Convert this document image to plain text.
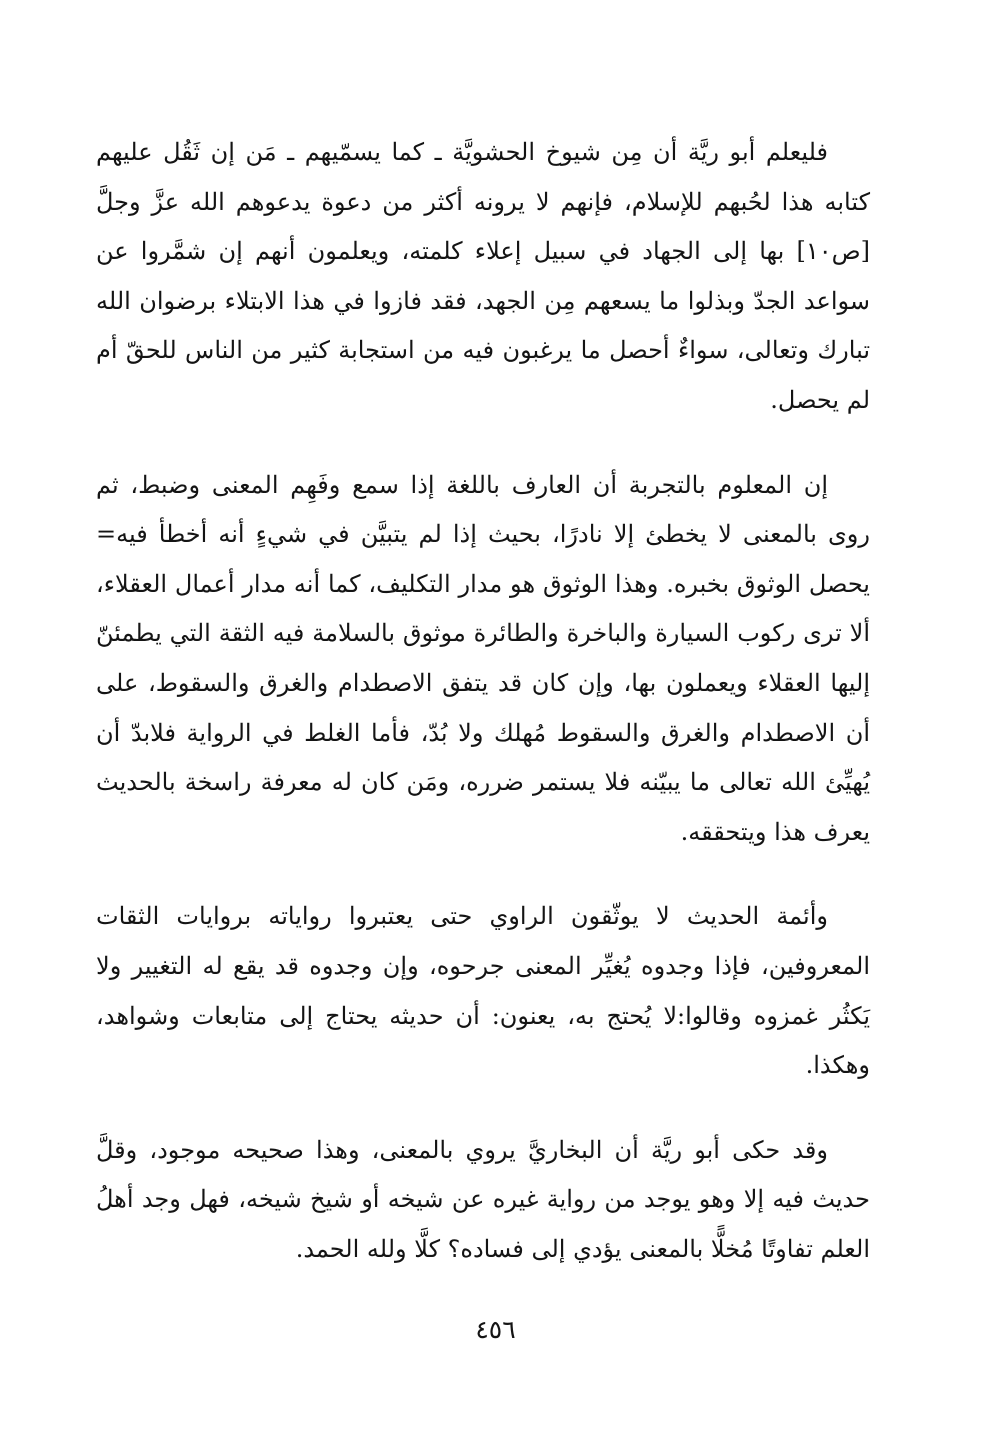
فليعلم أبو ريَّة أن مِن شيوخ الحشويَّة ـ كما يسمّيهم ـ مَن إن ثَقُل عليهم كتابه هذا لحُبهم للإسلام، فإنهم لا يرونه أكثر من دعوة يدعوهم الله عزَّ وجلَّ [ص١٠] بها إلى الجهاد في سبيل إعلاء كلمته، ويعلمون أنهم إن شمَّروا عن سواعد الجدّ وبذلوا ما يسعهم مِن الجهد، فقد فازوا في هذا الابتلاء برضوان الله تبارك وتعالى، سواءٌ أحصل ما يرغبون فيه من استجابة كثير من الناس للحقّ أم لم يحصل.

إن المعلوم بالتجربة أن العارف باللغة إذا سمع وفَهِم المعنى وضبط، ثم روى بالمعنى لا يخطئ إلا نادرًا، بحيث إذا لم يتبيَّن في شيءٍ أنه أخطأ فيه= يحصل الوثوق بخبره. وهذا الوثوق هو مدار التكليف، كما أنه مدار أعمال العقلاء، ألا ترى ركوب السيارة والباخرة والطائرة موثوق بالسلامة فيه الثقة التي يطمئنّ إليها العقلاء ويعملون بها، وإن كان قد يتفق الاصطدام والغرق والسقوط، على أن الاصطدام والغرق والسقوط مُهلك ولا بُدّ، فأما الغلط في الرواية فلابدّ أن يُهيِّئ الله تعالى ما يبيّنه فلا يستمر ضرره، ومَن كان له معرفة راسخة بالحديث يعرف هذا ويتحققه.

وأئمة الحديث لا يوثّقون الراوي حتى يعتبروا رواياته بروايات الثقات المعروفين، فإذا وجدوه يُغيِّر المعنى جرحوه، وإن وجدوه قد يقع له التغيير ولا يَكثُر غمزوه وقالوا:لا يُحتج به، يعنون: أن حديثه يحتاج إلى متابعات وشواهد، وهكذا.

وقد حكى أبو ريَّة أن البخاريَّ يروي بالمعنى، وهذا صحيحه موجود، وقلَّ حديث فيه إلا وهو يوجد من رواية غيره عن شيخه أو شيخ شيخه، فهل وجد أهلُ العلم تفاوتًا مُخلًّا بالمعنى يؤدي إلى فساده؟ كلَّا ولله الحمد.

٤٥٦
